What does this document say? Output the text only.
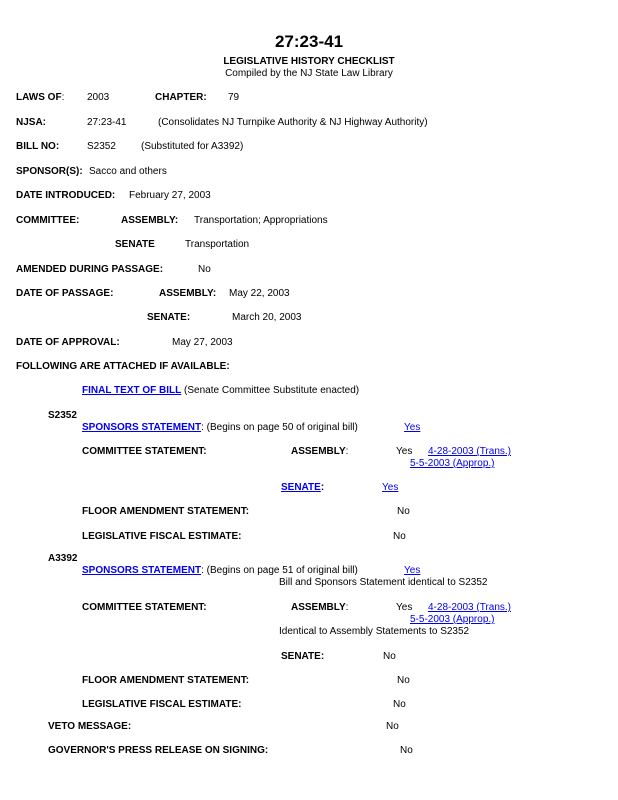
27:23-41
LEGISLATIVE HISTORY CHECKLIST
Compiled by the NJ State Law Library
LAWS OF: 2003	CHAPTER: 79
NJSA:	27:23-41	(Consolidates NJ Turnpike Authority & NJ Highway Authority)
BILL NO:	S2352	(Substituted for A3392)
SPONSOR(S): Sacco and others
DATE INTRODUCED: February 27, 2003
COMMITTEE:	ASSEMBLY: Transportation; Appropriations
SENATE	Transportation
AMENDED DURING PASSAGE:	No
DATE OF PASSAGE:	ASSEMBLY: May 22, 2003
SENATE:	March 20, 2003
DATE OF APPROVAL:	May 27, 2003
FOLLOWING ARE ATTACHED IF AVAILABLE:
FINAL TEXT OF BILL (Senate Committee Substitute enacted)
S2352
SPONSORS STATEMENT: (Begins on page 50 of original bill)	Yes
COMMITTEE STATEMENT:	ASSEMBLY:	Yes 4-28-2003 (Trans.)
5-5-2003 (Approp.)
SENATE:	Yes
FLOOR AMENDMENT STATEMENT:	No
LEGISLATIVE FISCAL ESTIMATE:	No
A3392
SPONSORS STATEMENT: (Begins on page 51 of original bill)	Yes
Bill and Sponsors Statement identical to S2352
COMMITTEE STATEMENT:	ASSEMBLY:	Yes 4-28-2003 (Trans.)
5-5-2003 (Approp.)
Identical to Assembly Statements to S2352
SENATE:	No
FLOOR AMENDMENT STATEMENT:	No
LEGISLATIVE FISCAL ESTIMATE:	No
VETO MESSAGE:	No
GOVERNOR'S PRESS RELEASE ON SIGNING:	No
